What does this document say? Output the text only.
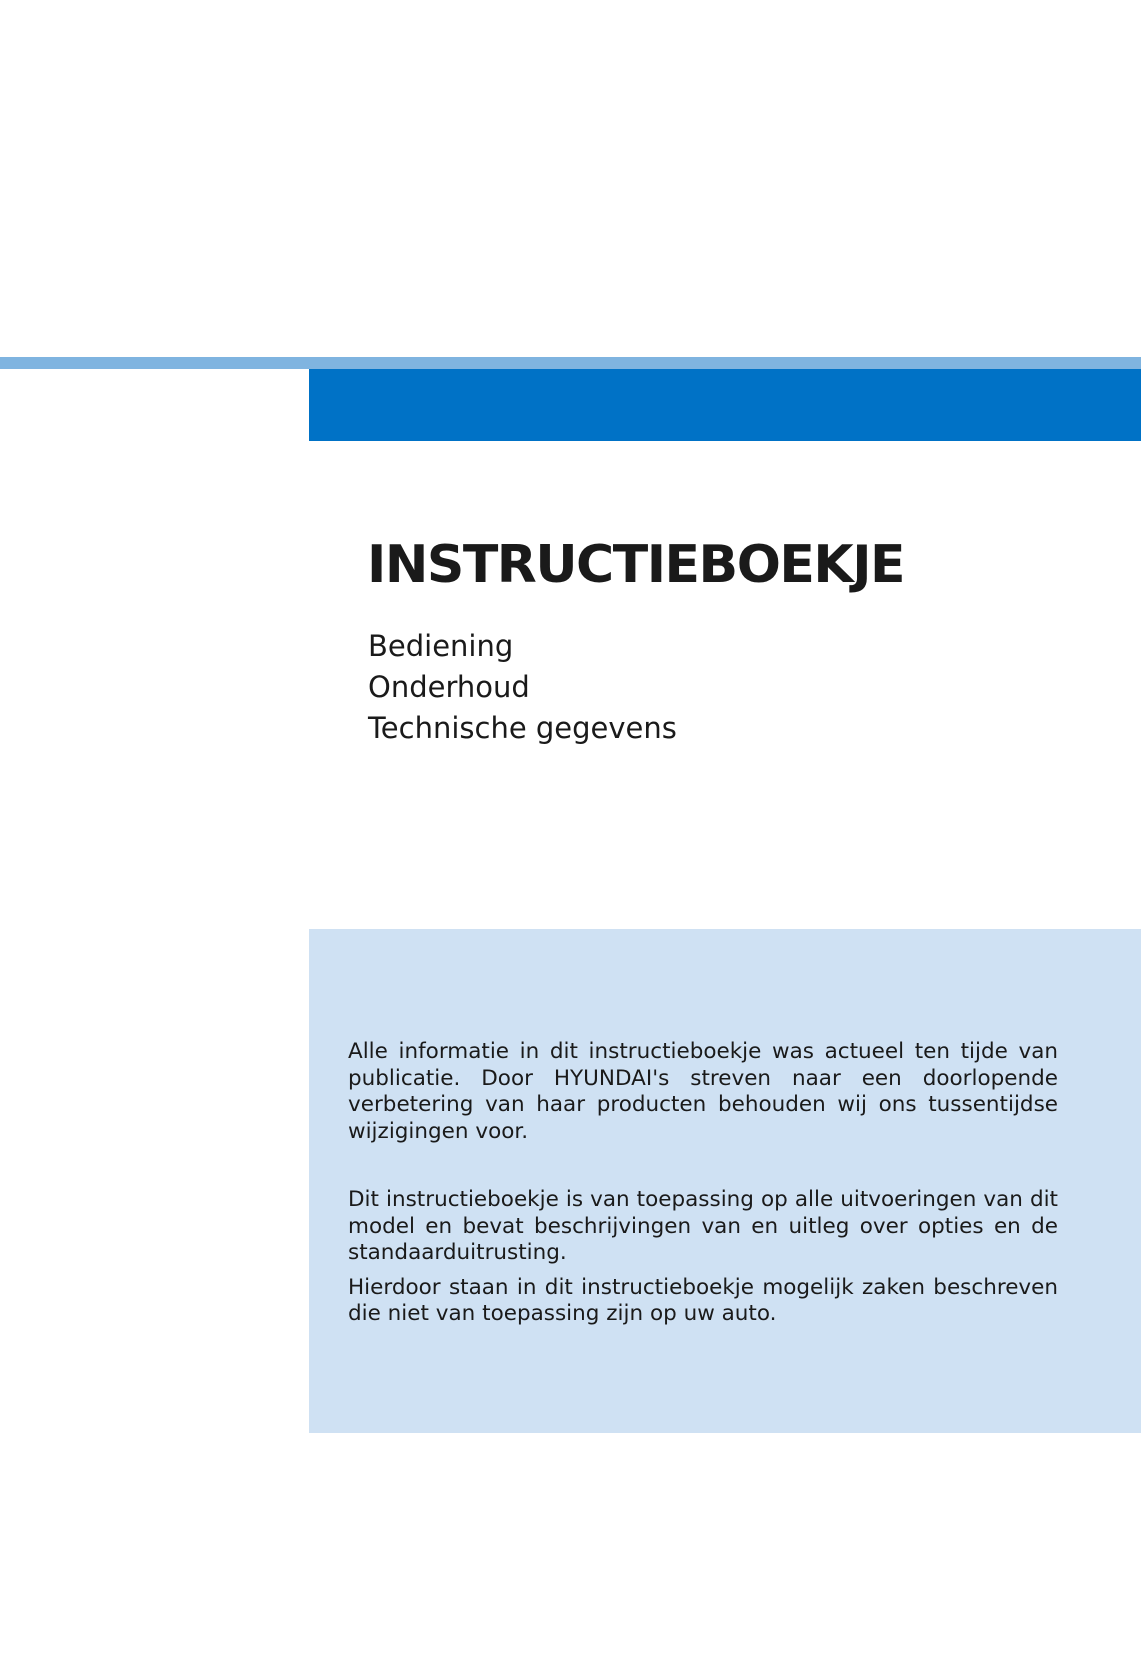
INSTRUCTIEBOEKJE
Bediening
Onderhoud
Technische gegevens

Alle informatie in dit instructieboekje was actueel ten tijde van publicatie. Door HYUNDAI's streven naar een doorlopende verbetering van haar producten behouden wij ons tussentijdse wijzigingen voor.

Dit instructieboekje is van toepassing op alle uitvoeringen van dit model en bevat beschrijvingen van en uitleg over opties en de standaarduitrusting.

Hierdoor staan in dit instructieboekje mogelijk zaken beschreven die niet van toepassing zijn op uw auto.
